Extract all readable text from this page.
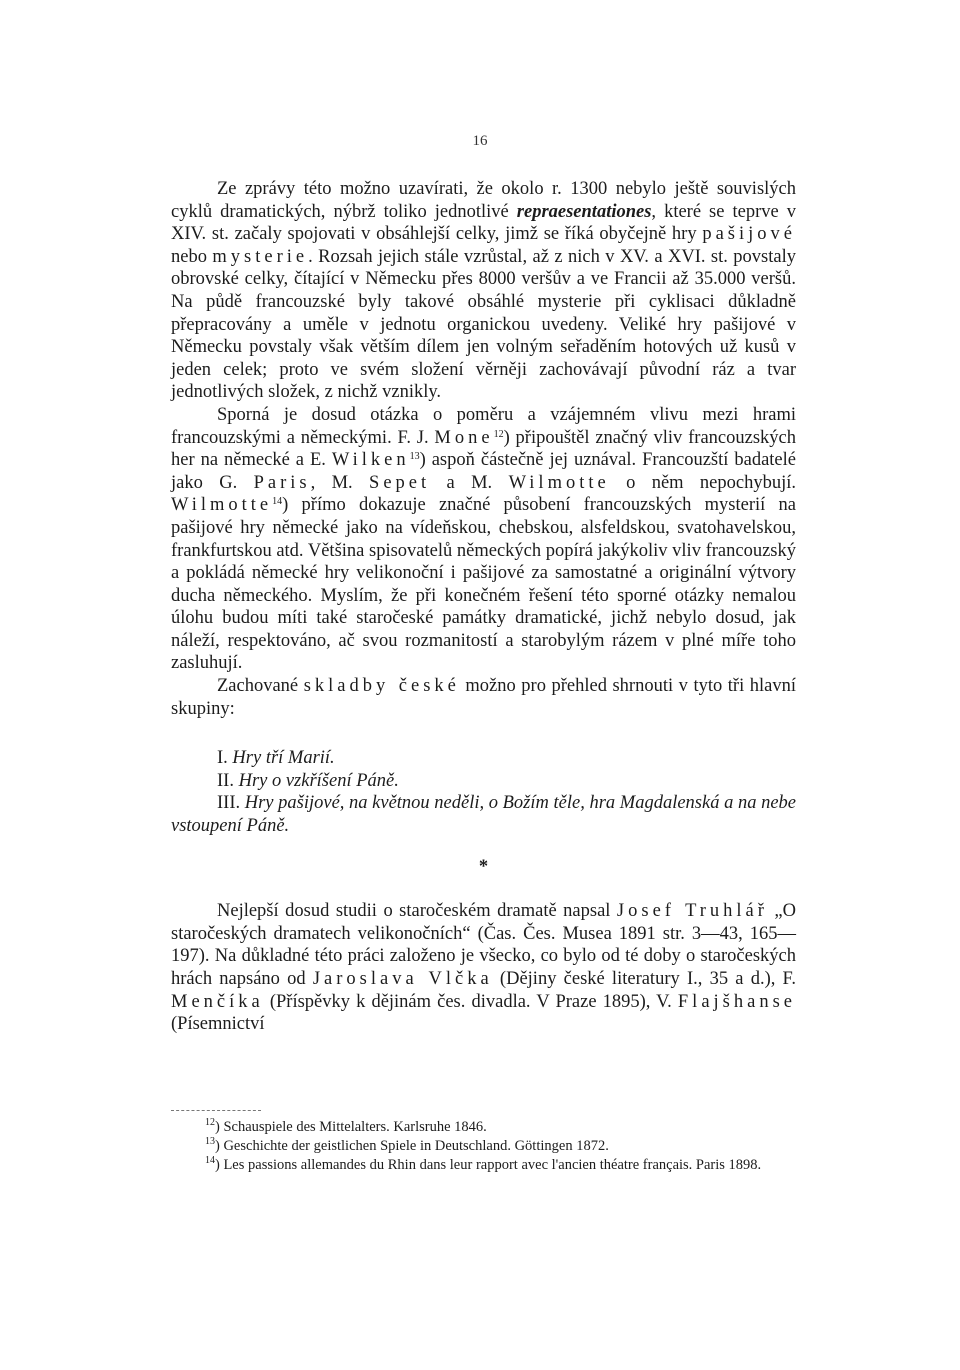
16

Ze zprávy této možno uzavírati, že okolo r. 1300 nebylo ještě souvislých cyklů dramatických, nýbrž toliko jednotlivé repraesentationes, které se teprve v XIV. st. začaly spojovati v obsáhlejší celky, jimž se říká obyčejně hry pašijové nebo mysterie. Rozsah jejich stále vzrůstal, až z nich v XV. a XVI. st. povstaly obrovské celky, čítající v Německu přes 8000 veršův a ve Francii až 35.000 veršů. Na půdě francouzské byly takové obsáhlé mysterie při cyklisaci důkladně přepracovány a uměle v jednotu organickou uvedeny. Veliké hry pašijové v Německu povstaly však větším dílem jen volným seřaděním hotových už kusů v jeden celek; proto ve svém složení věrněji zachovávají původní ráz a tvar jednotlivých složek, z nichž vznikly.

Sporná je dosud otázka o poměru a vzájemném vlivu mezi hrami francouzskými a německými. F. J. Mone$^{12}$) připouštěl značný vliv francouzských her na německé a E. Wilken$^{13}$) aspoň částečně jej uznával. Francouzští badatelé jako G. Paris, M. Sepet a M. Wilmotte o něm nepochybují. Wilmotte$^{14}$) přímo dokazuje značné působení francouzských mysterií na pašijové hry německé jako na vídeňskou, chebskou, alsfeldskou, svatohavelskou, frankfurtskou atd. Většina spisovatelů německých popírá jakýkoliv vliv francouzský a pokládá německé hry velikonoční i pašijové za samostatné a originální výtvory ducha německého. Myslím, že při konečném řešení této sporné otázky nemalou úlohu budou míti také staročeské památky dramatické, jichž nebylo dosud, jak náleží, respektováno, ač svou rozmanitostí a starobylým rázem v plné míře toho zasluhují.

Zachované skladby české možno pro přehled shrnouti v tyto tři hlavní skupiny:

I. Hry tří Marií.

II. Hry o vzkříšení Páně.

III. Hry pašijové, na květnou neděli, o Božím těle, hra Magdalenská a na nebe vstoupení Páně.

*

Nejlepší dosud studii o staročeském dramatě napsal Josef Truhlář „O staročeských dramatech velikonočních“ (Čas. Čes. Musea 1891 str. 3—43, 165—197). Na důkladné této práci založeno je všecko, co bylo od té doby o staročeských hrách napsáno od Jaroslava Vlčka (Dějiny české literatury I., 35 a d.), F. Menčíka (Příspěvky k dějinám čes. divadla. V Praze 1895), V. Flajšhanse (Písemnictví

$^{12}$) Schauspiele des Mittelalters. Karlsruhe 1846.

$^{13}$) Geschichte der geistlichen Spiele in Deutschland. Göttingen 1872.

$^{14}$) Les passions allemandes du Rhin dans leur rapport avec l'ancien théatre français. Paris 1898.
